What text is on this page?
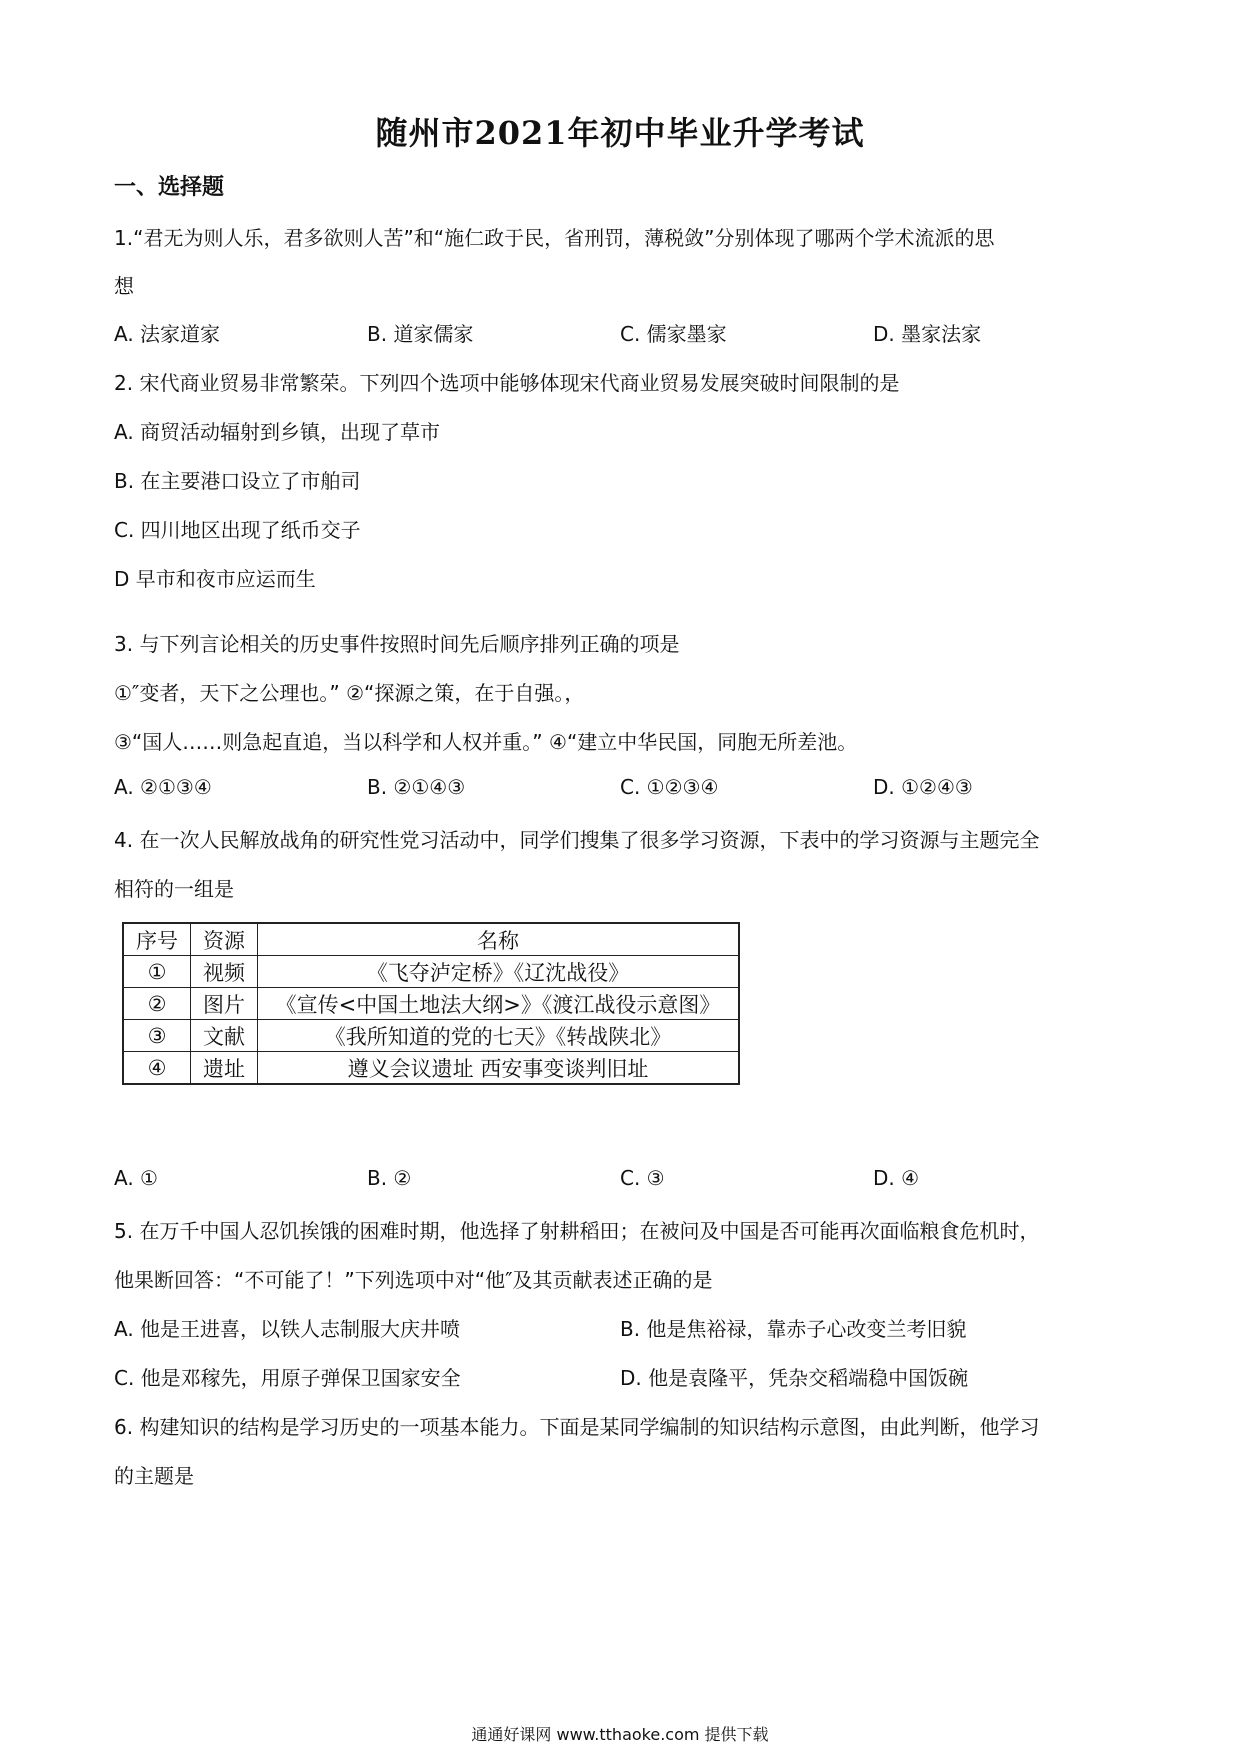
随州市2021年初中毕业升学考试
一、选择题
1.“君无为则人乐，君多欲则人苦”和“施仁政于民，省刑罚，薄税敛”分别体现了哪两个学术流派的思
想
A. 法家道家	B. 道家儒家	C. 儒家墨家	D. 墨家法家
2. 宋代商业贸易非常繁荣。下列四个选项中能够体现宋代商业贸易发展突破时间限制的是
A. 商贸活动辐射到乡镇，出现了草市
B. 在主要港口设立了市舶司
C. 四川地区出现了纸币交子
D 早市和夜市应运而生
3. 与下列言论相关的历史事件按照时间先后顺序排列正确的项是
①″变者，天下之公理也。” ②“探源之策，在于自强。，
③“国人……则急起直追，当以科学和人权并重。” ④“建立中华民国，同胞无所差池。
A. ②①③④	B. ②①④③	C. ①②③④	D. ①②④③
4. 在一次人民解放战角的研究性党习活动中，同学们搜集了很多学习资源，下表中的学习资源与主题完全
相符的一组是
序号	资源	名称
①	视频	《飞夺泸定桥》《辽沈战役》
②	图片	《宣传<中国土地法大纲>》《渡江战役示意图》
③	文献	《我所知道的党的七天》《转战陕北》
④	遗址	遵义会议遗址 西安事变谈判旧址
A. ①	B. ②	C. ③	D. ④
5. 在万千中国人忍饥挨饿的困难时期，他选择了射耕稻田；在被问及中国是否可能再次面临粮食危机时，
他果断回答：“不可能了！”下列选项中对“他″及其贡献表述正确的是
A. 他是王进喜，以铁人志制服大庆井喷	B. 他是焦裕禄，靠赤子心改变兰考旧貌
C. 他是邓稼先，用原子弹保卫国家安全	D. 他是袁隆平，凭杂交稻端稳中国饭碗
6. 构建知识的结构是学习历史的一项基本能力。下面是某同学编制的知识结构示意图，由此判断，他学习
的主题是
通通好课网 www.tthaoke.com 提供下载
